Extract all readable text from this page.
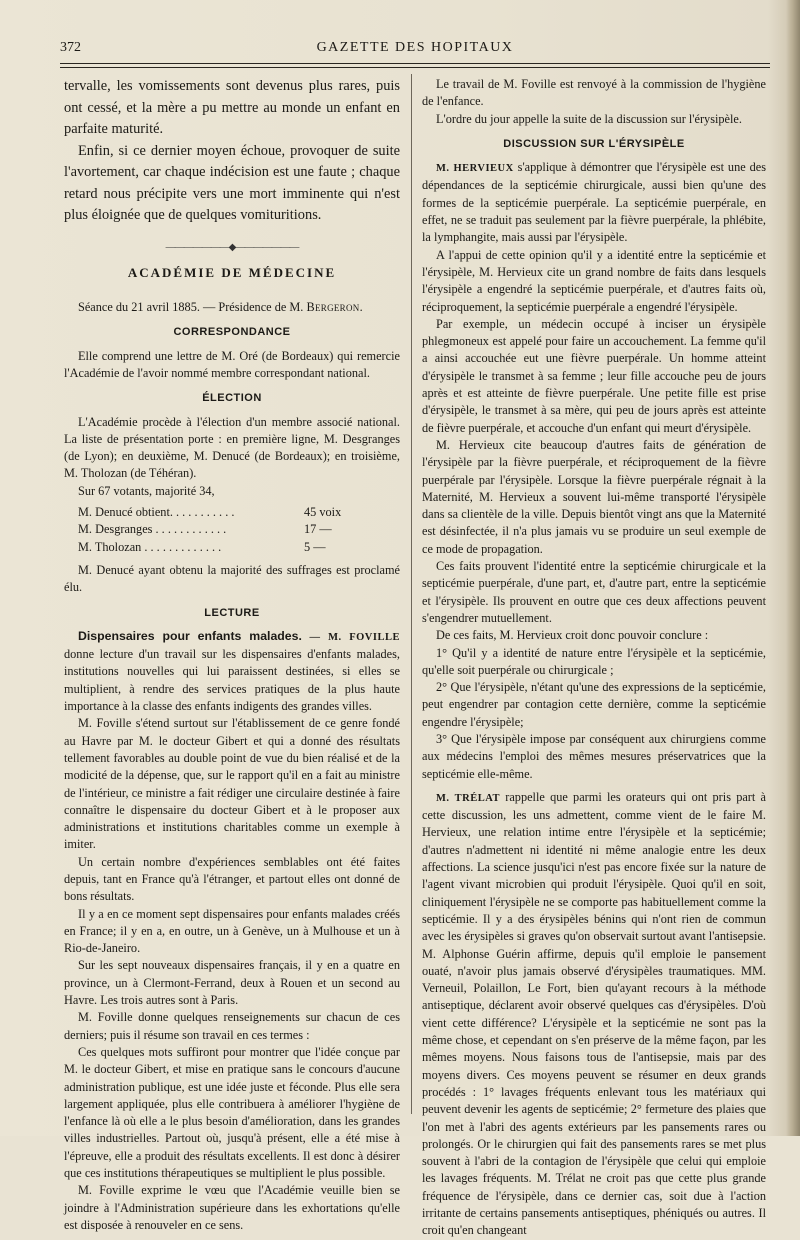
372	GAZETTE DES HOPITAUX

tervalle, les vomissements sont devenus plus rares, puis ont cessé, et la mère a pu mettre au monde un enfant en parfaite maturité.

Enfin, si ce dernier moyen échoue, provoquer de suite l'avortement, car chaque indécision est une faute ; chaque retard nous précipite vers une mort imminente qui n'est plus éloignée que de quelques vomituritions.

———————◆———————
ACADÉMIE DE MÉDECINE

Séance du 21 avril 1885. — Présidence de M. Bergeron.

CORRESPONDANCE

Elle comprend une lettre de M. Oré (de Bordeaux) qui remercie l'Académie de l'avoir nommé membre correspondant national.

ÉLECTION

L'Académie procède à l'élection d'un membre associé national. La liste de présentation porte : en première ligne, M. Desgranges (de Lyon); en deuxième, M. Denucé (de Bordeaux); en troisième, M. Tholozan (de Téhéran).

Sur 67 votants, majorité 34,

M. Denucé obtient. . . . . . . . . . .	45 voix
M. Desgranges . . . . . . . . . . . .	17 —
M. Tholozan . . . . . . . . . . . . .	5 —

M. Denucé ayant obtenu la majorité des suffrages est proclamé élu.

LECTURE

Dispensaires pour enfants malades. — M. FOVILLE donne lecture d'un travail sur les dispensaires d'enfants malades, institutions nouvelles qui lui paraissent destinées, si elles se multiplient, à rendre des services pratiques de la plus haute importance à la classe des enfants indigents des grandes villes.

M. Foville s'étend surtout sur l'établissement de ce genre fondé au Havre par M. le docteur Gibert et qui a donné des résultats tellement favorables au double point de vue du bien réalisé et de la modicité de la dépense, que, sur le rapport qu'il en a fait au ministre de l'intérieur, ce ministre a fait rédiger une circulaire destinée à faire connaître le dispensaire du docteur Gibert et à le proposer aux administrations et institutions charitables comme un exemple à imiter.

Un certain nombre d'expériences semblables ont été faites depuis, tant en France qu'à l'étranger, et partout elles ont donné de bons résultats.

Il y a en ce moment sept dispensaires pour enfants malades créés en France; il y en a, en outre, un à Genève, un à Mulhouse et un à Rio-de-Janeiro.

Sur les sept nouveaux dispensaires français, il y en a quatre en province, un à Clermont-Ferrand, deux à Rouen et un second au Havre. Les trois autres sont à Paris.

M. Foville donne quelques renseignements sur chacun de ces derniers; puis il résume son travail en ces termes :

Ces quelques mots suffiront pour montrer que l'idée conçue par M. le docteur Gibert, et mise en pratique sans le concours d'aucune administration publique, est une idée juste et féconde. Plus elle sera largement appliquée, plus elle contribuera à améliorer l'hygiène de l'enfance là où elle a le plus besoin d'amélioration, dans les grandes villes industrielles. Partout où, jusqu'à présent, elle a été mise à l'épreuve, elle a produit des résultats excellents. Il est donc à désirer que ces institutions thérapeutiques se multiplient le plus possible.

M. Foville exprime le vœu que l'Académie veuille bien se joindre à l'Administration supérieure dans les exhortations qu'elle est disposée à renouveler en ce sens.

Le travail de M. Foville est renvoyé à la commission de l'hygiène de l'enfance.

L'ordre du jour appelle la suite de la discussion sur l'érysipèle.

DISCUSSION SUR L'ÉRYSIPÈLE

M. HERVIEUX s'applique à démontrer que l'érysipèle est une des dépendances de la septicémie chirurgicale, aussi bien qu'une des formes de la septicémie puerpérale. La septicémie puerpérale, en effet, ne se traduit pas seulement par la fièvre puerpérale, la phlébite, la lymphangite, mais aussi par l'érysipèle.

A l'appui de cette opinion qu'il y a identité entre la septicémie et l'érysipèle, M. Hervieux cite un grand nombre de faits dans lesquels l'érysipèle a engendré la septicémie puerpérale, et d'autres faits où, réciproquement, la septicémie puerpérale a engendré l'érysipèle.

Par exemple, un médecin occupé à inciser un érysipèle phlegmoneux est appelé pour faire un accouchement. La femme qu'il a ainsi accouchée eut une fièvre puerpérale. Un homme atteint d'érysipèle le transmet à sa femme ; leur fille accouche peu de jours après et est atteinte de fièvre puerpérale. Une petite fille est prise d'érysipèle, le transmet à sa mère, qui peu de jours après est atteinte de fièvre puerpérale, et accouche d'un enfant qui meurt d'érysipèle.

M. Hervieux cite beaucoup d'autres faits de génération de l'érysipèle par la fièvre puerpérale, et réciproquement de la fièvre puerpérale par l'érysipèle. Lorsque la fièvre puerpérale régnait à la Maternité, M. Hervieux a souvent lui-même transporté l'érysipèle dans sa clientèle de la ville. Depuis bientôt vingt ans que la Maternité est désinfectée, il n'a plus jamais vu se produire un seul exemple de ce mode de propagation.

Ces faits prouvent l'identité entre la septicémie chirurgicale et la septicémie puerpérale, d'une part, et, d'autre part, entre la septicémie et l'érysipèle. Ils prouvent en outre que ces deux affections peuvent s'engendrer mutuellement.

De ces faits, M. Hervieux croit donc pouvoir conclure :

1° Qu'il y a identité de nature entre l'érysipèle et la septicémie, qu'elle soit puerpérale ou chirurgicale ;

2° Que l'érysipèle, n'étant qu'une des expressions de la septicémie, peut engendrer par contagion cette dernière, comme la septicémie engendre l'érysipèle;

3° Que l'érysipèle impose par conséquent aux chirurgiens comme aux médecins l'emploi des mêmes mesures préservatrices que la septicémie elle-même.

M. TRÉLAT rappelle que parmi les orateurs qui ont pris part à cette discussion, les uns admettent, comme vient de le faire M. Hervieux, une relation intime entre l'érysipèle et la septicémie; d'autres n'admettent ni identité ni même analogie entre les deux affections. La science jusqu'ici n'est pas encore fixée sur la nature de l'agent vivant microbien qui produit l'érysipèle. Quoi qu'il en soit, cliniquement l'érysipèle ne se comporte pas habituellement comme la septicémie. Il y a des érysipèles bénins qui n'ont rien de commun avec les érysipèles si graves qu'on observait surtout avant l'antisepsie. M. Alphonse Guérin affirme, depuis qu'il emploie le pansement ouaté, n'avoir plus jamais observé d'érysipèles traumatiques. MM. Verneuil, Polaillon, Le Fort, bien qu'ayant recours à la méthode antiseptique, déclarent avoir observé quelques cas d'érysipèles. D'où vient cette différence? L'érysipèle et la septicémie ne sont pas la même chose, et cependant on s'en préserve de la même façon, par les mêmes moyens. Nous faisons tous de l'antisepsie, mais par des moyens divers. Ces moyens peuvent se résumer en deux grands procédés : 1° lavages fréquents enlevant tous les matériaux qui peuvent devenir les agents de septicémie; 2° fermeture des plaies que l'on met à l'abri des agents extérieurs par les pansements rares ou prolongés. Or le chirurgien qui fait des pansements rares se met plus souvent à l'abri de la contagion de l'érysipèle que celui qui emploie les lavages fréquents. M. Trélat ne croit pas que cette plus grande fréquence de l'érysipèle, dans ce dernier cas, soit due à l'action irritante de certains pansements antiseptiques, phéniqués ou autres. Il croit qu'en changeant
